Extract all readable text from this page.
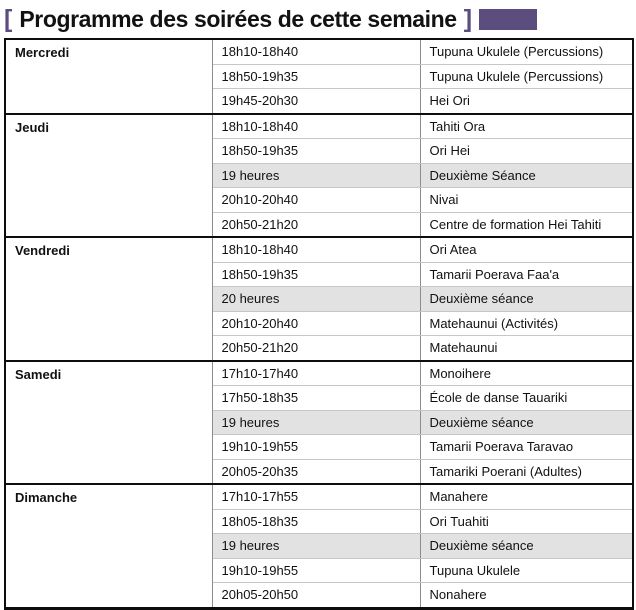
[ Programme des soirées de cette semaine ]
Mercredi	18h10-18h40	Tupuna Ukulele (Percussions)
	18h50-19h35	Tupuna Ukulele (Percussions)
	19h45-20h30	Hei Ori
Jeudi	18h10-18h40	Tahiti Ora
	18h50-19h35	Ori Hei
	19 heures	Deuxième Séance
	20h10-20h40	Nivai
	20h50-21h20	Centre de formation Hei Tahiti
Vendredi	18h10-18h40	Ori Atea
	18h50-19h35	Tamarii Poerava Faa'a
	20 heures	Deuxième séance
	20h10-20h40	Matehaunui (Activités)
	20h50-21h20	Matehaunui
Samedi	17h10-17h40	Monoihere
	17h50-18h35	École de danse Tauariki
	19 heures	Deuxième séance
	19h10-19h55	Tamarii Poerava Taravao
	20h05-20h35	Tamariki Poerani (Adultes)
Dimanche	17h10-17h55	Manahere
	18h05-18h35	Ori Tuahiti
	19 heures	Deuxième séance
	19h10-19h55	Tupuna Ukulele
	20h05-20h50	Nonahere
